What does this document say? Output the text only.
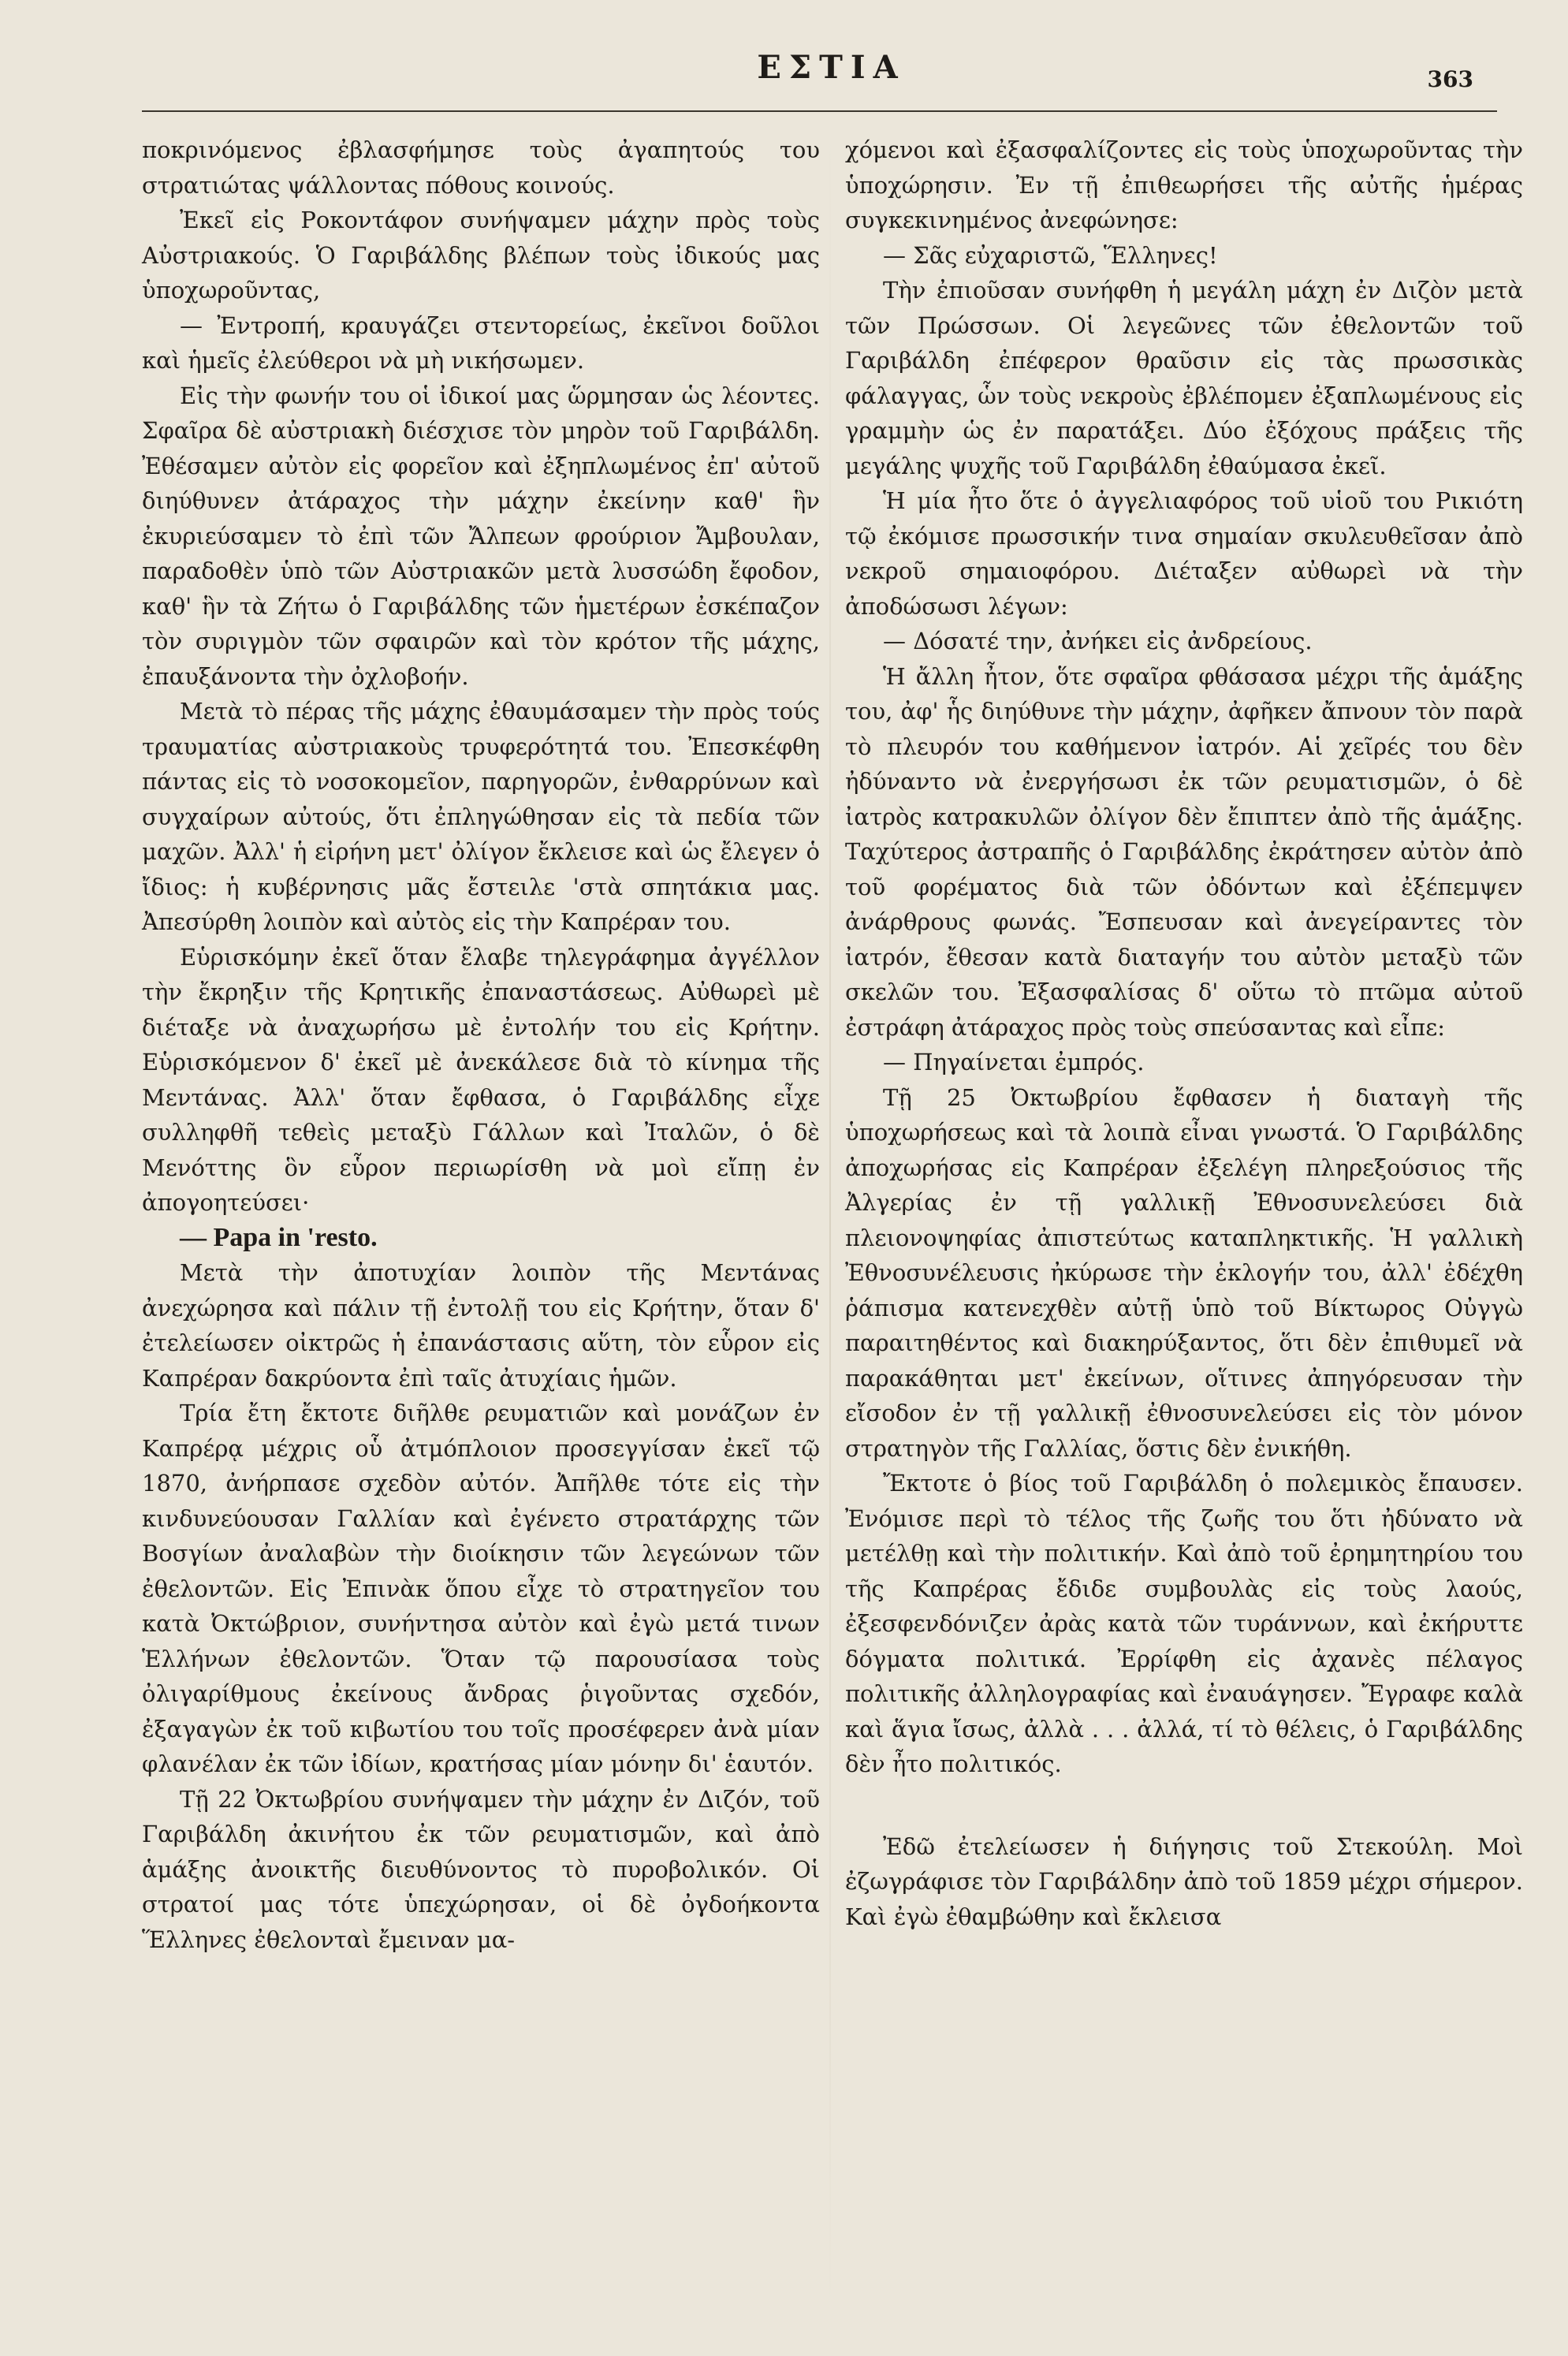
ΕΣΤΙΑ	363

ποκρινόμενος ἐβλασφήμησε τοὺς ἀγαπητούς του στρατιώτας ψάλλοντας πόθους κοινούς.

Ἐκεῖ εἰς Ροκοντάφον συνήψαμεν μάχην πρὸς τοὺς Αὐστριακούς. Ὁ Γαριβάλδης βλέπων τοὺς ἰδικούς μας ὑποχωροῦντας,

— Ἐντροπή, κραυγάζει στεντορείως, ἐκεῖνοι δοῦλοι καὶ ἡμεῖς ἐλεύθεροι νὰ μὴ νικήσωμεν.

Εἰς τὴν φωνήν του οἱ ἰδικοί μας ὥρμησαν ὡς λέοντες. Σφαῖρα δὲ αὐστριακὴ διέσχισε τὸν μηρὸν τοῦ Γαριβάλδη. Ἐθέσαμεν αὐτὸν εἰς φορεῖον καὶ ἐξηπλωμένος ἐπ' αὐτοῦ διηύθυνεν ἀτάραχος τὴν μάχην ἐκείνην καθ' ἣν ἐκυριεύσαμεν τὸ ἐπὶ τῶν Ἄλπεων φρούριον Ἄμβουλαν, παραδοθὲν ὑπὸ τῶν Αὐστριακῶν μετὰ λυσσώδη ἔφοδον, καθ' ἣν τὰ Ζήτω ὁ Γαριβάλδης τῶν ἡμετέρων ἐσκέπαζον τὸν συριγμὸν τῶν σφαιρῶν καὶ τὸν κρότον τῆς μάχης, ἐπαυξάνοντα τὴν ὀχλοβοήν.

Μετὰ τὸ πέρας τῆς μάχης ἐθαυμάσαμεν τὴν πρὸς τούς τραυματίας αὐστριακοὺς τρυφερότητά του. Ἐπεσκέφθη πάντας εἰς τὸ νοσοκομεῖον, παρηγορῶν, ἐνθαρρύνων καὶ συγχαίρων αὐτούς, ὅτι ἐπληγώθησαν εἰς τὰ πεδία τῶν μαχῶν. Ἀλλ' ἡ εἰρήνη μετ' ὀλίγον ἔκλεισε καὶ ὡς ἔλεγεν ὁ ἴδιος: ἡ κυβέρνησις μᾶς ἔστειλε 'στὰ σπητάκια μας. Ἀπεσύρθη λοιπὸν καὶ αὐτὸς εἰς τὴν Καπρέραν του.

Εὑρισκόμην ἐκεῖ ὅταν ἔλαβε τηλεγράφημα ἀγγέλλον τὴν ἔκρηξιν τῆς Κρητικῆς ἐπαναστάσεως. Αὐθωρεὶ μὲ διέταξε νὰ ἀναχωρήσω μὲ ἐντολήν του εἰς Κρήτην. Εὑρισκόμενον δ' ἐκεῖ μὲ ἀνεκάλεσε διὰ τὸ κίνημα τῆς Μεντάνας. Ἀλλ' ὅταν ἔφθασα, ὁ Γαριβάλδης εἶχε συλληφθῆ τεθεὶς μεταξὺ Γάλλων καὶ Ἰταλῶν, ὁ δὲ Μενόττης ὃν εὗρον περιωρίσθη νὰ μοὶ εἴπῃ ἐν ἀπογοητεύσει·

— Papa in 'resto.

Μετὰ τὴν ἀποτυχίαν λοιπὸν τῆς Μεντάνας ἀνεχώρησα καὶ πάλιν τῇ ἐντολῇ του εἰς Κρήτην, ὅταν δ' ἐτελείωσεν οἰκτρῶς ἡ ἐπανάστασις αὕτη, τὸν εὗρον εἰς Καπρέραν δακρύοντα ἐπὶ ταῖς ἀτυχίαις ἡμῶν.

Τρία ἔτη ἔκτοτε διῆλθε ρευματιῶν καὶ μονάζων ἐν Καπρέρᾳ μέχρις οὗ ἀτμόπλοιον προσεγγίσαν ἐκεῖ τῷ 1870, ἀνήρπασε σχεδὸν αὐτόν. Ἀπῆλθε τότε εἰς τὴν κινδυνεύουσαν Γαλλίαν καὶ ἐγένετο στρατάρχης τῶν Βοσγίων ἀναλαβὼν τὴν διοίκησιν τῶν λεγεώνων τῶν ἐθελοντῶν. Εἰς Ἐπινὰκ ὅπου εἶχε τὸ στρατηγεῖον του κατὰ Ὀκτώβριον, συνήντησα αὐτὸν καὶ ἐγὼ μετά τινων Ἑλλήνων ἐθελοντῶν. Ὅταν τῷ παρουσίασα τοὺς ὀλιγαρίθμους ἐκείνους ἄνδρας ῥιγοῦντας σχεδόν, ἐξαγαγὼν ἐκ τοῦ κιβωτίου του τοῖς προσέφερεν ἀνὰ μίαν φλανέλαν ἐκ τῶν ἰδίων, κρατήσας μίαν μόνην δι' ἑαυτόν.

Τῇ 22 Ὀκτωβρίου συνήψαμεν τὴν μάχην ἐν Διζόν, τοῦ Γαριβάλδη ἀκινήτου ἐκ τῶν ρευματισμῶν, καὶ ἀπὸ ἁμάξης ἀνοικτῆς διευθύνοντος τὸ πυροβολικόν. Οἱ στρατοί μας τότε ὑπεχώρησαν, οἱ δὲ ὀγδοήκοντα Ἕλληνες ἐθελονταὶ ἔμειναν μα-

χόμενοι καὶ ἐξασφαλίζοντες εἰς τοὺς ὑποχωροῦντας τὴν ὑποχώρησιν. Ἐν τῇ ἐπιθεωρήσει τῆς αὐτῆς ἡμέρας συγκεκινημένος ἀνεφώνησε:

— Σᾶς εὐχαριστῶ, Ἕλληνες!

Τὴν ἐπιοῦσαν συνήφθη ἡ μεγάλη μάχη ἐν Διζὸν μετὰ τῶν Πρώσσων. Οἱ λεγεῶνες τῶν ἐθελοντῶν τοῦ Γαριβάλδη ἐπέφερον θραῦσιν εἰς τὰς πρωσσικὰς φάλαγγας, ὧν τοὺς νεκροὺς ἐβλέπομεν ἐξαπλωμένους εἰς γραμμὴν ὡς ἐν παρατάξει. Δύο ἐξόχους πράξεις τῆς μεγάλης ψυχῆς τοῦ Γαριβάλδη ἐθαύμασα ἐκεῖ.

Ἡ μία ἦτο ὅτε ὁ ἀγγελιαφόρος τοῦ υἱοῦ του Ρικιότη τῷ ἐκόμισε πρωσσικήν τινα σημαίαν σκυλευθεῖσαν ἀπὸ νεκροῦ σημαιοφόρου. Διέταξεν αὐθωρεὶ νὰ τὴν ἀποδώσωσι λέγων:

— Δόσατέ την, ἀνήκει εἰς ἀνδρείους.

Ἡ ἄλλη ἦτον, ὅτε σφαῖρα φθάσασα μέχρι τῆς ἁμάξης του, ἀφ' ἧς διηύθυνε τὴν μάχην, ἀφῆκεν ἄπνουν τὸν παρὰ τὸ πλευρόν του καθήμενον ἰατρόν. Αἱ χεῖρές του δὲν ἠδύναντο νὰ ἐνεργήσωσι ἐκ τῶν ρευματισμῶν, ὁ δὲ ἰατρὸς κατρακυλῶν ὀλίγον δὲν ἔπιπτεν ἀπὸ τῆς ἁμάξης. Ταχύτερος ἀστραπῆς ὁ Γαριβάλδης ἐκράτησεν αὐτὸν ἀπὸ τοῦ φορέματος διὰ τῶν ὀδόντων καὶ ἐξέπεμψεν ἀνάρθρους φωνάς. Ἔσπευσαν καὶ ἀνεγείραντες τὸν ἰατρόν, ἔθεσαν κατὰ διαταγήν του αὐτὸν μεταξὺ τῶν σκελῶν του. Ἐξασφαλίσας δ' οὕτω τὸ πτῶμα αὐτοῦ ἐστράφη ἀτάραχος πρὸς τοὺς σπεύσαντας καὶ εἶπε:

— Πηγαίνεται ἐμπρός.

Τῇ 25 Ὀκτωβρίου ἔφθασεν ἡ διαταγὴ τῆς ὑποχωρήσεως καὶ τὰ λοιπὰ εἶναι γνωστά. Ὁ Γαριβάλδης ἀποχωρήσας εἰς Καπρέραν ἐξελέγη πληρεξούσιος τῆς Ἀλγερίας ἐν τῇ γαλλικῇ Ἐθνοσυνελεύσει διὰ πλειονοψηφίας ἀπιστεύτως καταπληκτικῆς. Ἡ γαλλικὴ Ἐθνοσυνέλευσις ἠκύρωσε τὴν ἐκλογήν του, ἀλλ' ἐδέχθη ῥάπισμα κατενεχθὲν αὐτῇ ὑπὸ τοῦ Βίκτωρος Οὐγγὼ παραιτηθέντος καὶ διακηρύξαντος, ὅτι δὲν ἐπιθυμεῖ νὰ παρακάθηται μετ' ἐκείνων, οἵτινες ἀπηγόρευσαν τὴν εἴσοδον ἐν τῇ γαλλικῇ ἐθνοσυνελεύσει εἰς τὸν μόνον στρατηγὸν τῆς Γαλλίας, ὅστις δὲν ἐνικήθη.

Ἔκτοτε ὁ βίος τοῦ Γαριβάλδη ὁ πολεμικὸς ἔπαυσεν. Ἐνόμισε περὶ τὸ τέλος τῆς ζωῆς του ὅτι ἠδύνατο νὰ μετέλθῃ καὶ τὴν πολιτικήν. Καὶ ἀπὸ τοῦ ἐρημητηρίου του τῆς Καπρέρας ἔδιδε συμβουλὰς εἰς τοὺς λαούς, ἐξεσφενδόνιζεν ἀρὰς κατὰ τῶν τυράννων, καὶ ἐκήρυττε δόγματα πολιτικά. Ἐρρίφθη εἰς ἀχανὲς πέλαγος πολιτικῆς ἀλληλογραφίας καὶ ἐναυάγησεν. Ἔγραφε καλὰ καὶ ἅγια ἴσως, ἀλλὰ . . . ἀλλά, τί τὸ θέλεις, ὁ Γαριβάλδης δὲν ἦτο πολιτικός.

Ἐδῶ ἐτελείωσεν ἡ διήγησις τοῦ Στεκούλη. Μοὶ ἐζωγράφισε τὸν Γαριβάλδην ἀπὸ τοῦ 1859 μέχρι σήμερον. Καὶ ἐγὼ ἐθαμβώθην καὶ ἔκλεισα
